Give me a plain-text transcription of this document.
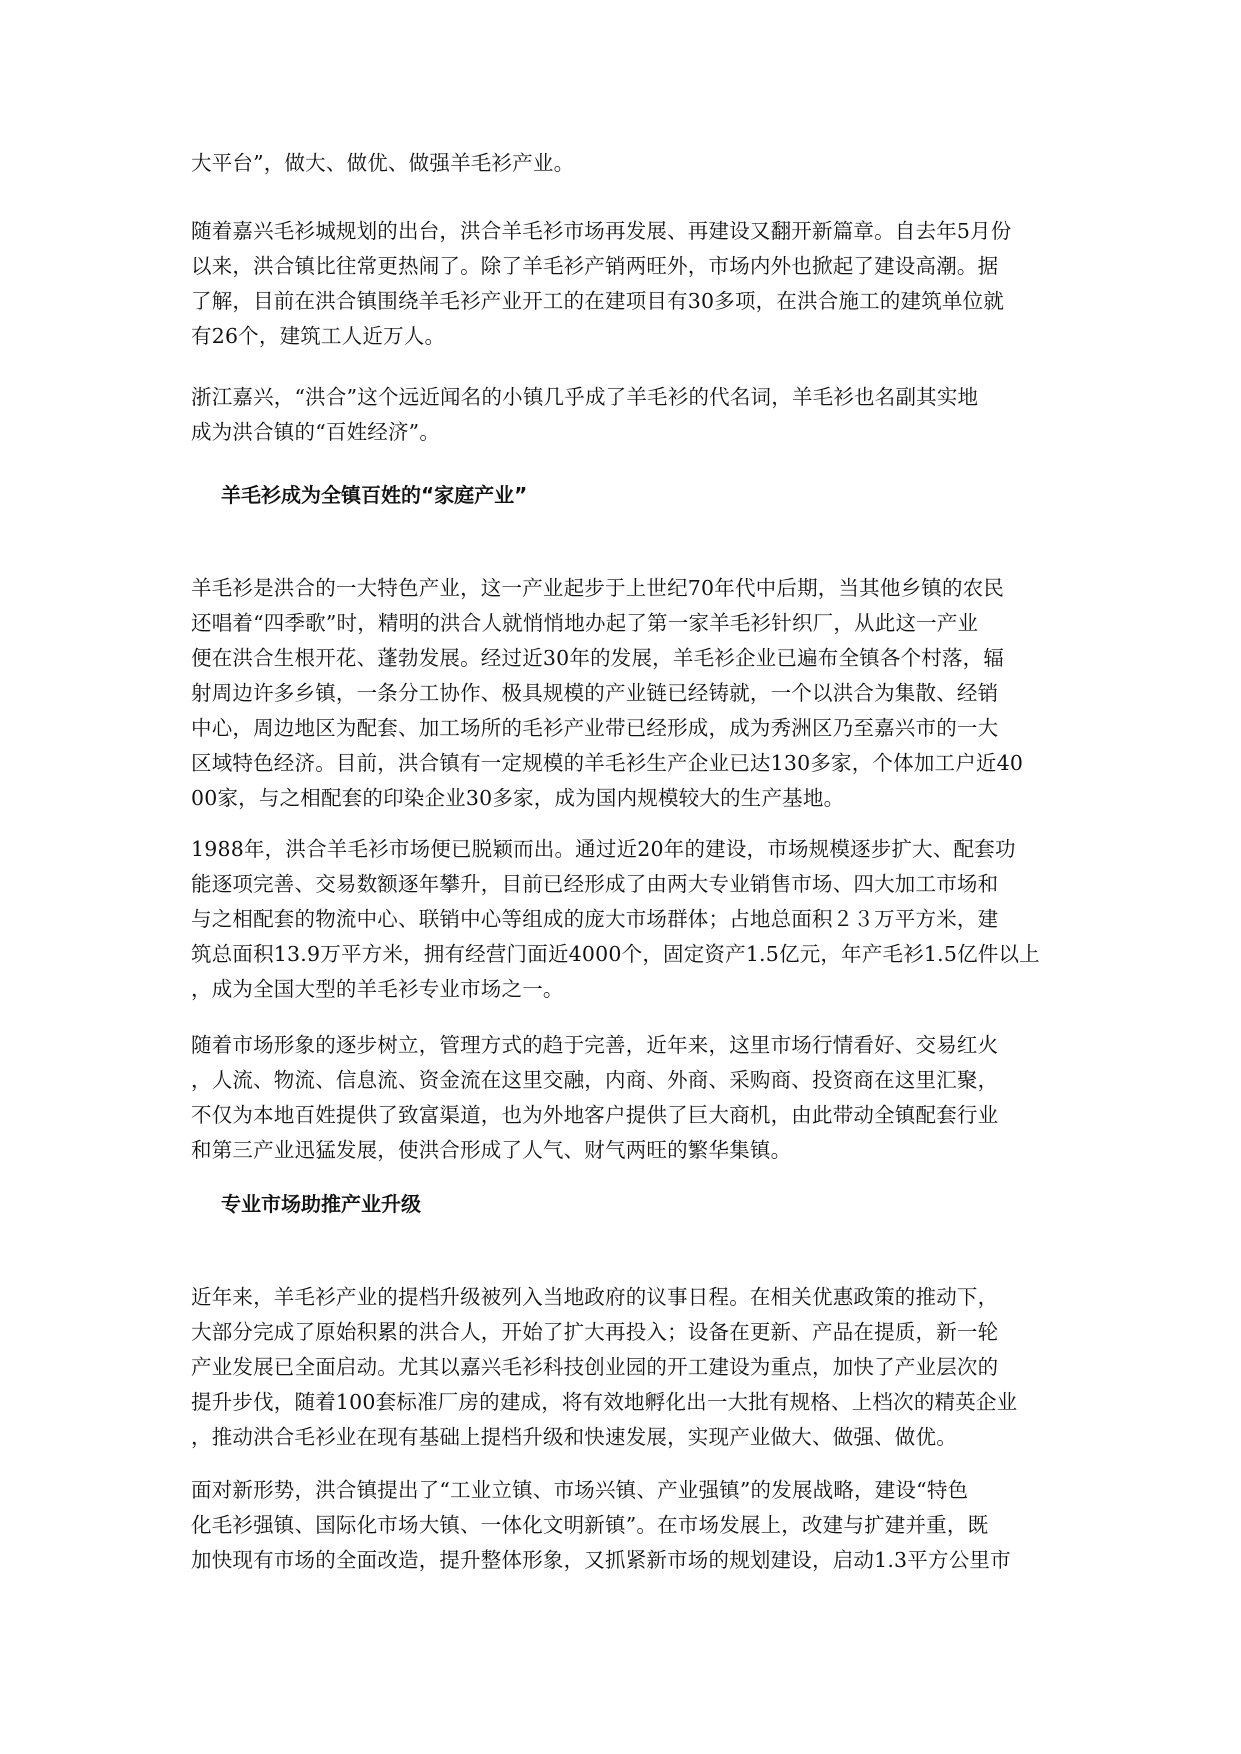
大平台”，做大、做优、做强羊毛衫产业。
随着嘉兴毛衫城规划的出台，洪合羊毛衫市场再发展、再建设又翻开新篇章。自去年5月份
以来，洪合镇比往常更热闹了。除了羊毛衫产销两旺外，市场内外也掀起了建设高潮。据
了解，目前在洪合镇围绕羊毛衫产业开工的在建项目有30多项，在洪合施工的建筑单位就
有26个，建筑工人近万人。
浙江嘉兴，“洪合”这个远近闻名的小镇几乎成了羊毛衫的代名词，羊毛衫也名副其实地
成为洪合镇的“百姓经济”。
羊毛衫成为全镇百姓的“家庭产业”
羊毛衫是洪合的一大特色产业，这一产业起步于上世纪70年代中后期，当其他乡镇的农民
还唱着“四季歌”时，精明的洪合人就悄悄地办起了第一家羊毛衫针织厂，从此这一产业
便在洪合生根开花、蓬勃发展。经过近30年的发展，羊毛衫企业已遍布全镇各个村落，辐
射周边许多乡镇，一条分工协作、极具规模的产业链已经铸就，一个以洪合为集散、经销
中心，周边地区为配套、加工场所的毛衫产业带已经形成，成为秀洲区乃至嘉兴市的一大
区域特色经济。目前，洪合镇有一定规模的羊毛衫生产企业已达130多家，个体加工户近40
00家，与之相配套的印染企业30多家，成为国内规模较大的生产基地。
1988年，洪合羊毛衫市场便已脱颖而出。通过近20年的建设，市场规模逐步扩大、配套功
能逐项完善、交易数额逐年攀升，目前已经形成了由两大专业销售市场、四大加工市场和
与之相配套的物流中心、联销中心等组成的庞大市场群体；占地总面积２３万平方米，建
筑总面积13.9万平方米，拥有经营门面近4000个，固定资产1.5亿元，年产毛衫1.5亿件以上
，成为全国大型的羊毛衫专业市场之一。
随着市场形象的逐步树立，管理方式的趋于完善，近年来，这里市场行情看好、交易红火
，人流、物流、信息流、资金流在这里交融，内商、外商、采购商、投资商在这里汇聚，
不仅为本地百姓提供了致富渠道，也为外地客户提供了巨大商机，由此带动全镇配套行业
和第三产业迅猛发展，使洪合形成了人气、财气两旺的繁华集镇。
专业市场助推产业升级
近年来，羊毛衫产业的提档升级被列入当地政府的议事日程。在相关优惠政策的推动下，
大部分完成了原始积累的洪合人，开始了扩大再投入；设备在更新、产品在提质，新一轮
产业发展已全面启动。尤其以嘉兴毛衫科技创业园的开工建设为重点，加快了产业层次的
提升步伐，随着100套标准厂房的建成，将有效地孵化出一大批有规格、上档次的精英企业
，推动洪合毛衫业在现有基础上提档升级和快速发展，实现产业做大、做强、做优。
面对新形势，洪合镇提出了“工业立镇、市场兴镇、产业强镇”的发展战略，建设“特色
化毛衫强镇、国际化市场大镇、一体化文明新镇”。在市场发展上，改建与扩建并重，既
加快现有市场的全面改造，提升整体形象，又抓紧新市场的规划建设，启动1.3平方公里市
